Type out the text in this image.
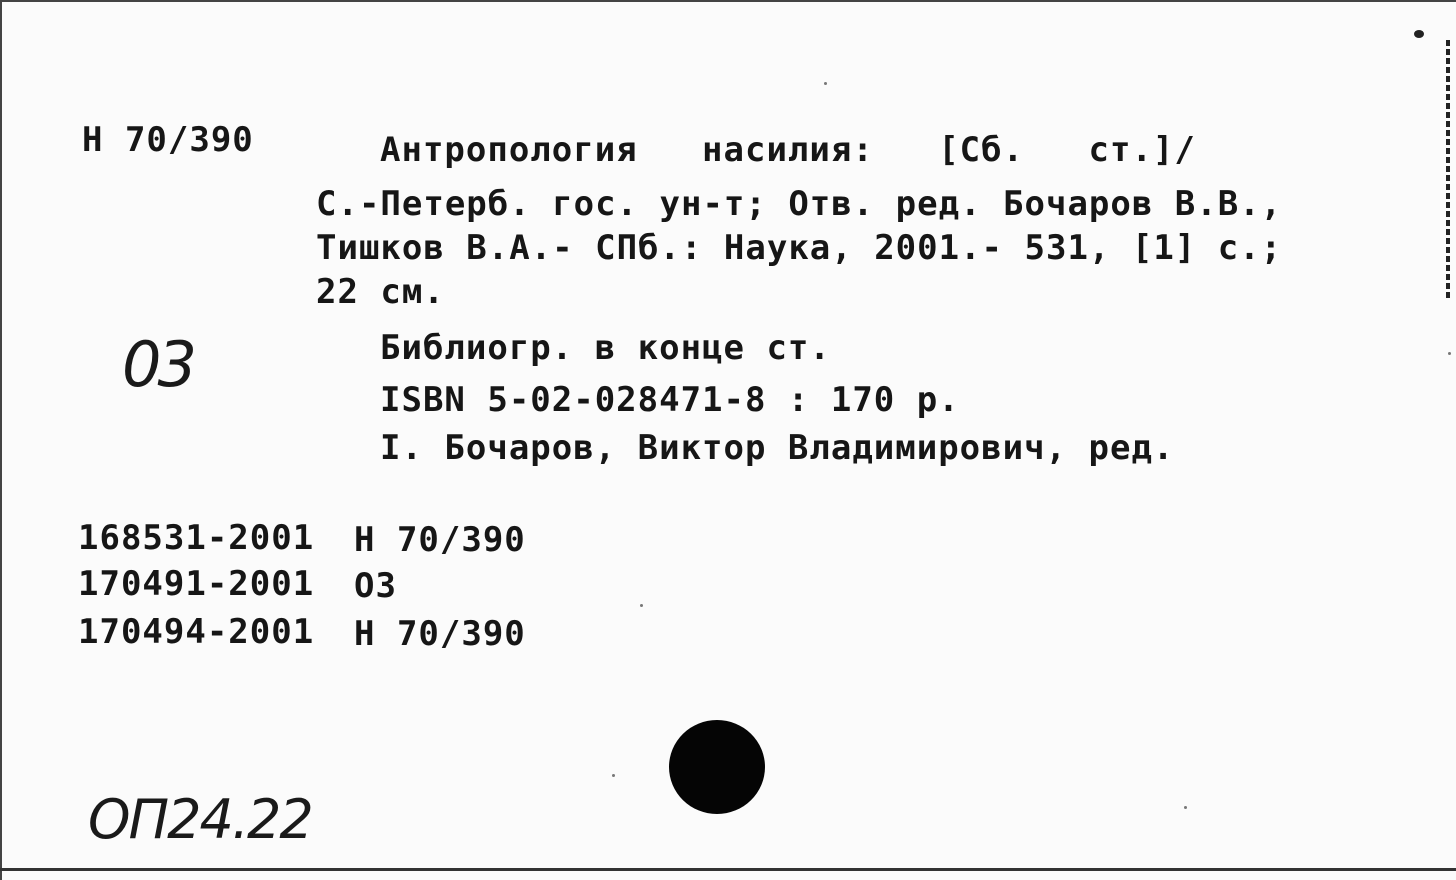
Н 70/390	Антропология   насилия:   [Сб.   ст.]/
С.-Петерб. гос. ун-т; Отв. ред. Бочаров В.В.,
Тишков В.А.- СПб.: Наука, 2001.- 531, [1] с.;
22 см.
Библиогр. в конце ст.
ISBN 5-02-028471-8 : 170 р.
I. Бочаров, Виктор Владимирович, ред.
03
168531-2001 Н 70/390
170491-2001 ОЗ
170494-2001 Н 70/390
ОП24.22
